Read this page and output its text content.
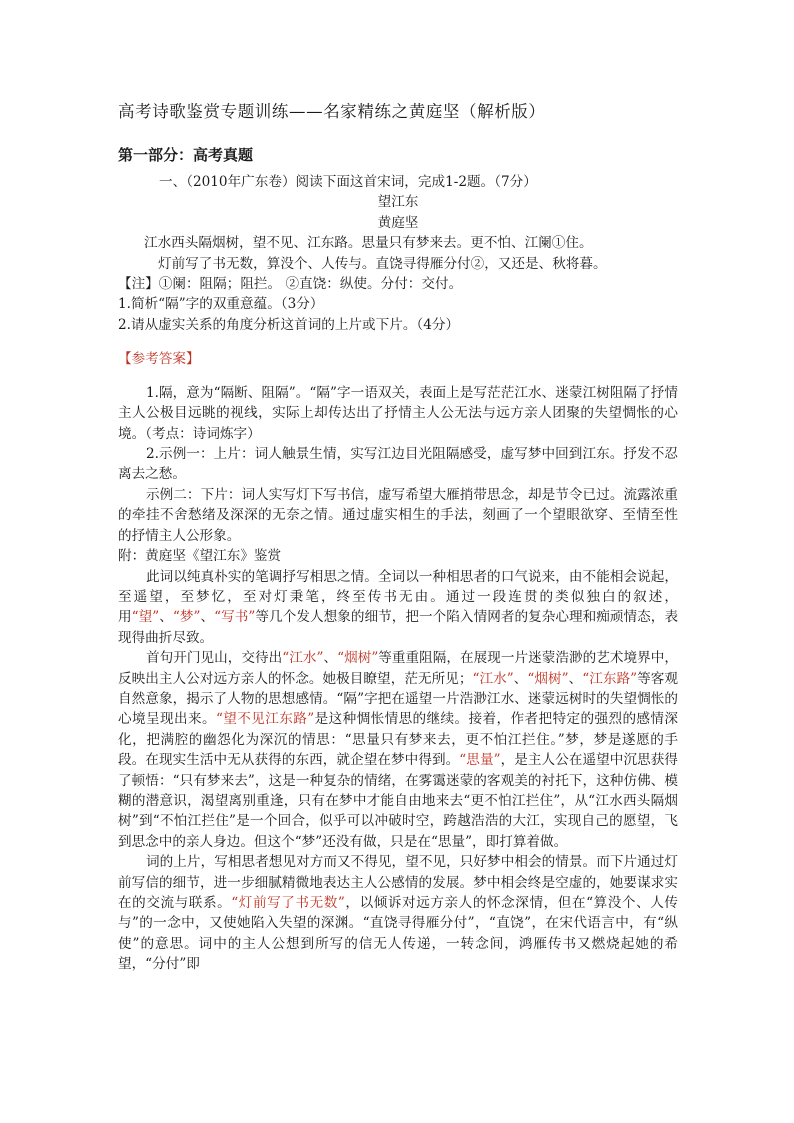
高考诗歌鉴赏专题训练——名家精练之黄庭坚（解析版）
第一部分：高考真题

一、（2010年广东卷）阅读下面这首宋词，完成1-2题。（7分）

望江东

黄庭坚

江水西头隔烟树，望不见、江东路。思量只有梦来去。更不怕、江阑①住。

灯前写了书无数，算没个、人传与。直饶寻得雁分付②，又还是、秋将暮。

【注】①阑：阻隔；阻拦。 ②直饶：纵使。分付：交付。

1.简析“隔”字的双重意蕴。（3分）

2.请从虚实关系的角度分析这首词的上片或下片。（4分）

【参考答案】

1.隔，意为“隔断、阻隔”。“隔”字一语双关，表面上是写茫茫江水、迷蒙江树阻隔了抒情主人公极目远眺的视线，实际上却传达出了抒情主人公无法与远方亲人团聚的失望惆怅的心境。（考点：诗词炼字）

2.示例一：上片：词人触景生情，实写江边目光阻隔感受，虚写梦中回到江东。抒发不忍离去之愁。

示例二：下片：词人实写灯下写书信，虚写希望大雁捎带思念，却是节令已过。流露浓重的牵挂不舍愁绪及深深的无奈之情。通过虚实相生的手法，刻画了一个望眼欲穿、至情至性 的抒情主人公形象。

附：黄庭坚《望江东》鉴赏

此词以纯真朴实的笔调抒写相思之情。全词以一种相思者的口气说来，由不能相会说起，至遥望，至梦忆，至对灯秉笔，终至传书无由。通过一段连贯的类似独白的叙述，用“望”、“梦”、“写书”等几个发人想象的细节，把一个陷入情网者的复杂心理和痴顽情态，表现得曲折尽致。

首句开门见山，交待出“江水”、“烟树”等重重阻隔，在展现一片迷蒙浩渺的艺术境界中，反映出主人公对远方亲人的怀念。她极目瞭望，茫无所见；“江水”、“烟树”、“江东路”等客观自然意象，揭示了人物的思想感情。“隔”字把在遥望一片浩渺江水、迷蒙远树时的失望惆怅的心境呈现出来。“望不见江东路”是这种惆怅情思的继续。接着，作者把特定的强烈的感情深化，把满腔的幽怨化为深沉的情思：“思量只有梦来去，更不怕江拦住。”梦，梦是遂愿的手段。在现实生活中无从获得的东西，就企望在梦中得到。“思量”，是主人公在遥望中沉思获得了顿悟：“只有梦来去”，这是一种复杂的情绪，在雾霭迷蒙的客观美的衬托下，这种仿佛、模糊的潜意识，渴望离别重逢，只有在梦中才能自由地来去“更不怕江拦住”，从“江水西头隔烟树”到“不怕江拦住”是一个回合，似乎可以冲破时空，跨越浩浩的大江，实现自己的愿望，飞到思念中的亲人身边。但这个“梦”还没有做，只是在“思量”，即打算着做。

词的上片，写相思者想见对方而又不得见，望不见，只好梦中相会的情景。而下片通过灯前写信的细节，进一步细腻精微地表达主人公感情的发展。梦中相会终是空虚的，她要谋求实在的交流与联系。“灯前写了书无数”，以倾诉对远方亲人的怀念深情，但在“算没个、人传与”的一念中，又使她陷入失望的深渊。“直饶寻得雁分付”，“直饶”，在宋代语言中，有“纵使”的意思。词中的主人公想到所写的信无人传递，一转念间，鸿雁传书又燃烧起她的希望，“分付”即
